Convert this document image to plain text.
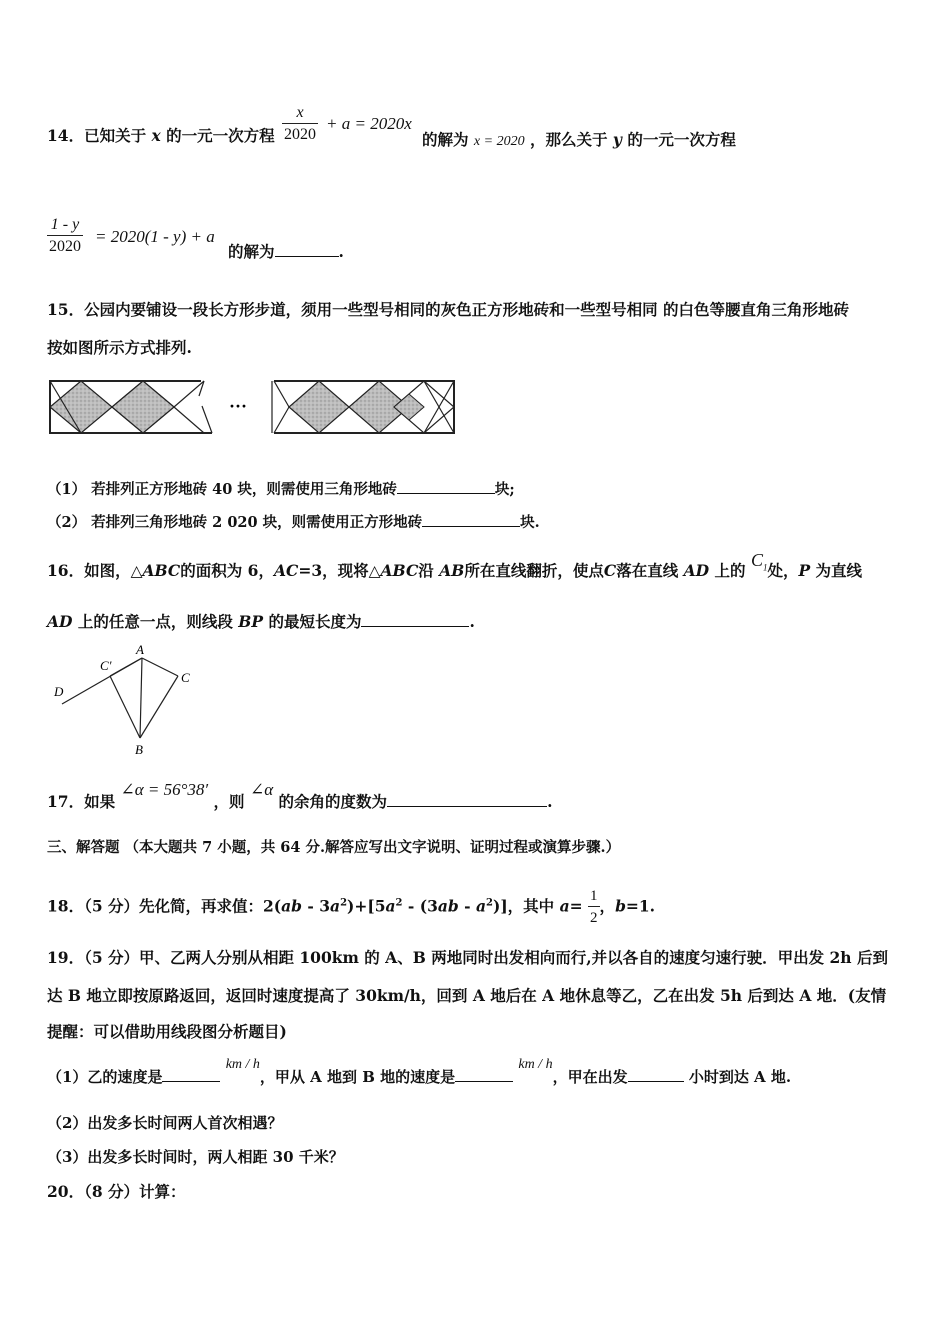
14．已知关于 x 的一元一次方程 $\frac{x}{2020} + a = 2020x$
的解为 x = 2020 ，那么关于 y 的一元一次方程
$\frac{1 - y}{2020} = 2020(1 - y) + a$
的解为	.
15．公园内要铺设一段长方形步道，须用一些型号相同的灰色正方形地砖和一些型号相同 的白色等腰直角三角形地砖
按如图所示方式排列.
···
（1） 若排列正方形地砖 40 块，则需使用三角形地砖	块;
（2） 若排列三角形地砖 2 020 块，则需使用正方形地砖	块.
16．如图，△ABC的面积为 6，AC=3，现将△ABC沿 AB所在直线翻折，使点C落在直线 AD 上的 $C_1$处，P 为直线
AD 上的任意一点，则线段 BP 的最短长度为	.
A
C'
C
D
B
17．如果 ∠α = 56°38′ ，则 ∠α 的余角的度数为	.
三、解答题 （本大题共 7 小题，共 64 分.解答应写出文字说明、证明过程或演算步骤.）
18．（5 分）先化简，再求值：$2(ab - 3a^2)+[5a^2 - (3ab - a^2)]$，其中 $a= \frac{1}{2}$ ，b=1.
19．（5 分）甲、乙两人分别从相距 100km 的 A、B 两地同时出发相向而行,并以各自的速度匀速行驶．甲出发 2h 后到
达 B 地立即按原路返回，返回时速度提高了 30km/h，回到 A 地后在 A 地休息等乙，乙在出发 5h 后到达 A 地．(友情
提醒：可以借助用线段图分析题目)
（1）乙的速度是 km / h，甲从 A 地到 B 地的速度是 km / h，甲在出发	小时到达 A 地.
（2）出发多长时间两人首次相遇？
（3）出发多长时间时，两人相距 30 千米？
20．（8 分）计算：
